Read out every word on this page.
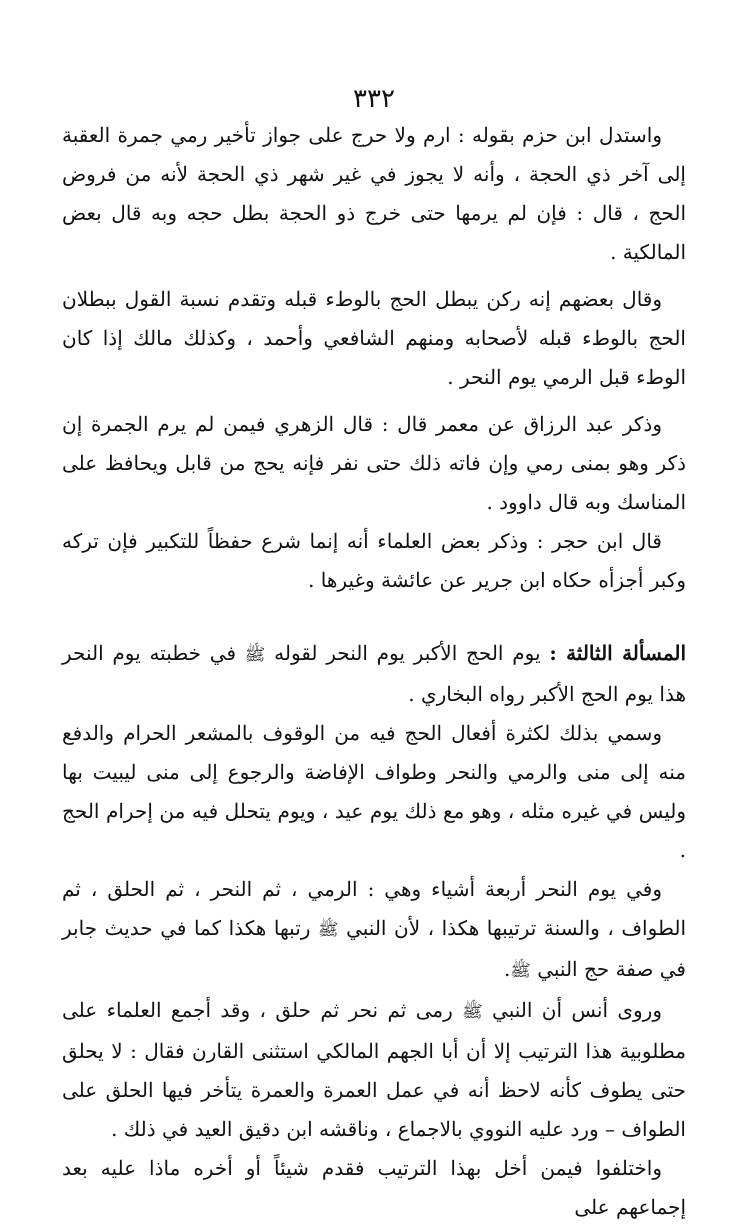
٣٣٢

واستدل ابن حزم بقوله : ارم ولا حرج على جواز تأخير رمي جمرة العقبة إلى آخر ذي الحجة ، وأنه لا يجوز في غير شهر ذي الحجة لأنه من فروض الحج ، قال : فإن لم يرمها حتى خرج ذو الحجة بطل حجه وبه قال بعض المالكية .

وقال بعضهم إنه ركن يبطل الحج بالوطء قبله وتقدم نسبة القول ببطلان الحج بالوطء قبله لأصحابه ومنهم الشافعي وأحمد ، وكذلك مالك إذا كان الوطء قبل الرمي يوم النحر .

وذكر عبد الرزاق عن معمر قال : قال الزهري فيمن لم يرم الجمرة إن ذكر وهو بمنى رمي وإن فاته ذلك حتى نفر فإنه يحج من قابل ويحافظ على المناسك وبه قال داوود .

قال ابن حجر : وذكر بعض العلماء أنه إنما شرع حفظاً للتكبير فإن تركه وكبر أجزأه حكاه ابن جرير عن عائشة وغيرها .

المسألة الثالثة : يوم الحج الأكبر يوم النحر لقوله ﷺ في خطبته يوم النحر هذا يوم الحج الأكبر رواه البخاري .

وسمي بذلك لكثرة أفعال الحج فيه من الوقوف بالمشعر الحرام والدفع منه إلى منى والرمي والنحر وطواف الإفاضة والرجوع إلى منى ليبيت بها وليس في غيره مثله ، وهو مع ذلك يوم عيد ، ويوم يتحلل فيه من إحرام الحج .

وفي يوم النحر أربعة أشياء وهي : الرمي ، ثم النحر ، ثم الحلق ، ثم الطواف ، والسنة ترتيبها هكذا ، لأن النبي ﷺ رتبها هكذا كما في حديث جابر في صفة حج النبي ﷺ.

وروى أنس أن النبي ﷺ رمى ثم نحر ثم حلق ، وقد أجمع العلماء على مطلوبية هذا الترتيب إلا أن أبا الجهم المالكي استثنى القارن فقال : لا يحلق حتى يطوف كأنه لاحظ أنه في عمل العمرة والعمرة يتأخر فيها الحلق على الطواف – ورد عليه النووي بالاجماع ، وناقشه ابن دقيق العيد في ذلك .

واختلفوا فيمن أخل بهذا الترتيب فقدم شيئاً أو أخره ماذا عليه بعد إجماعهم على
